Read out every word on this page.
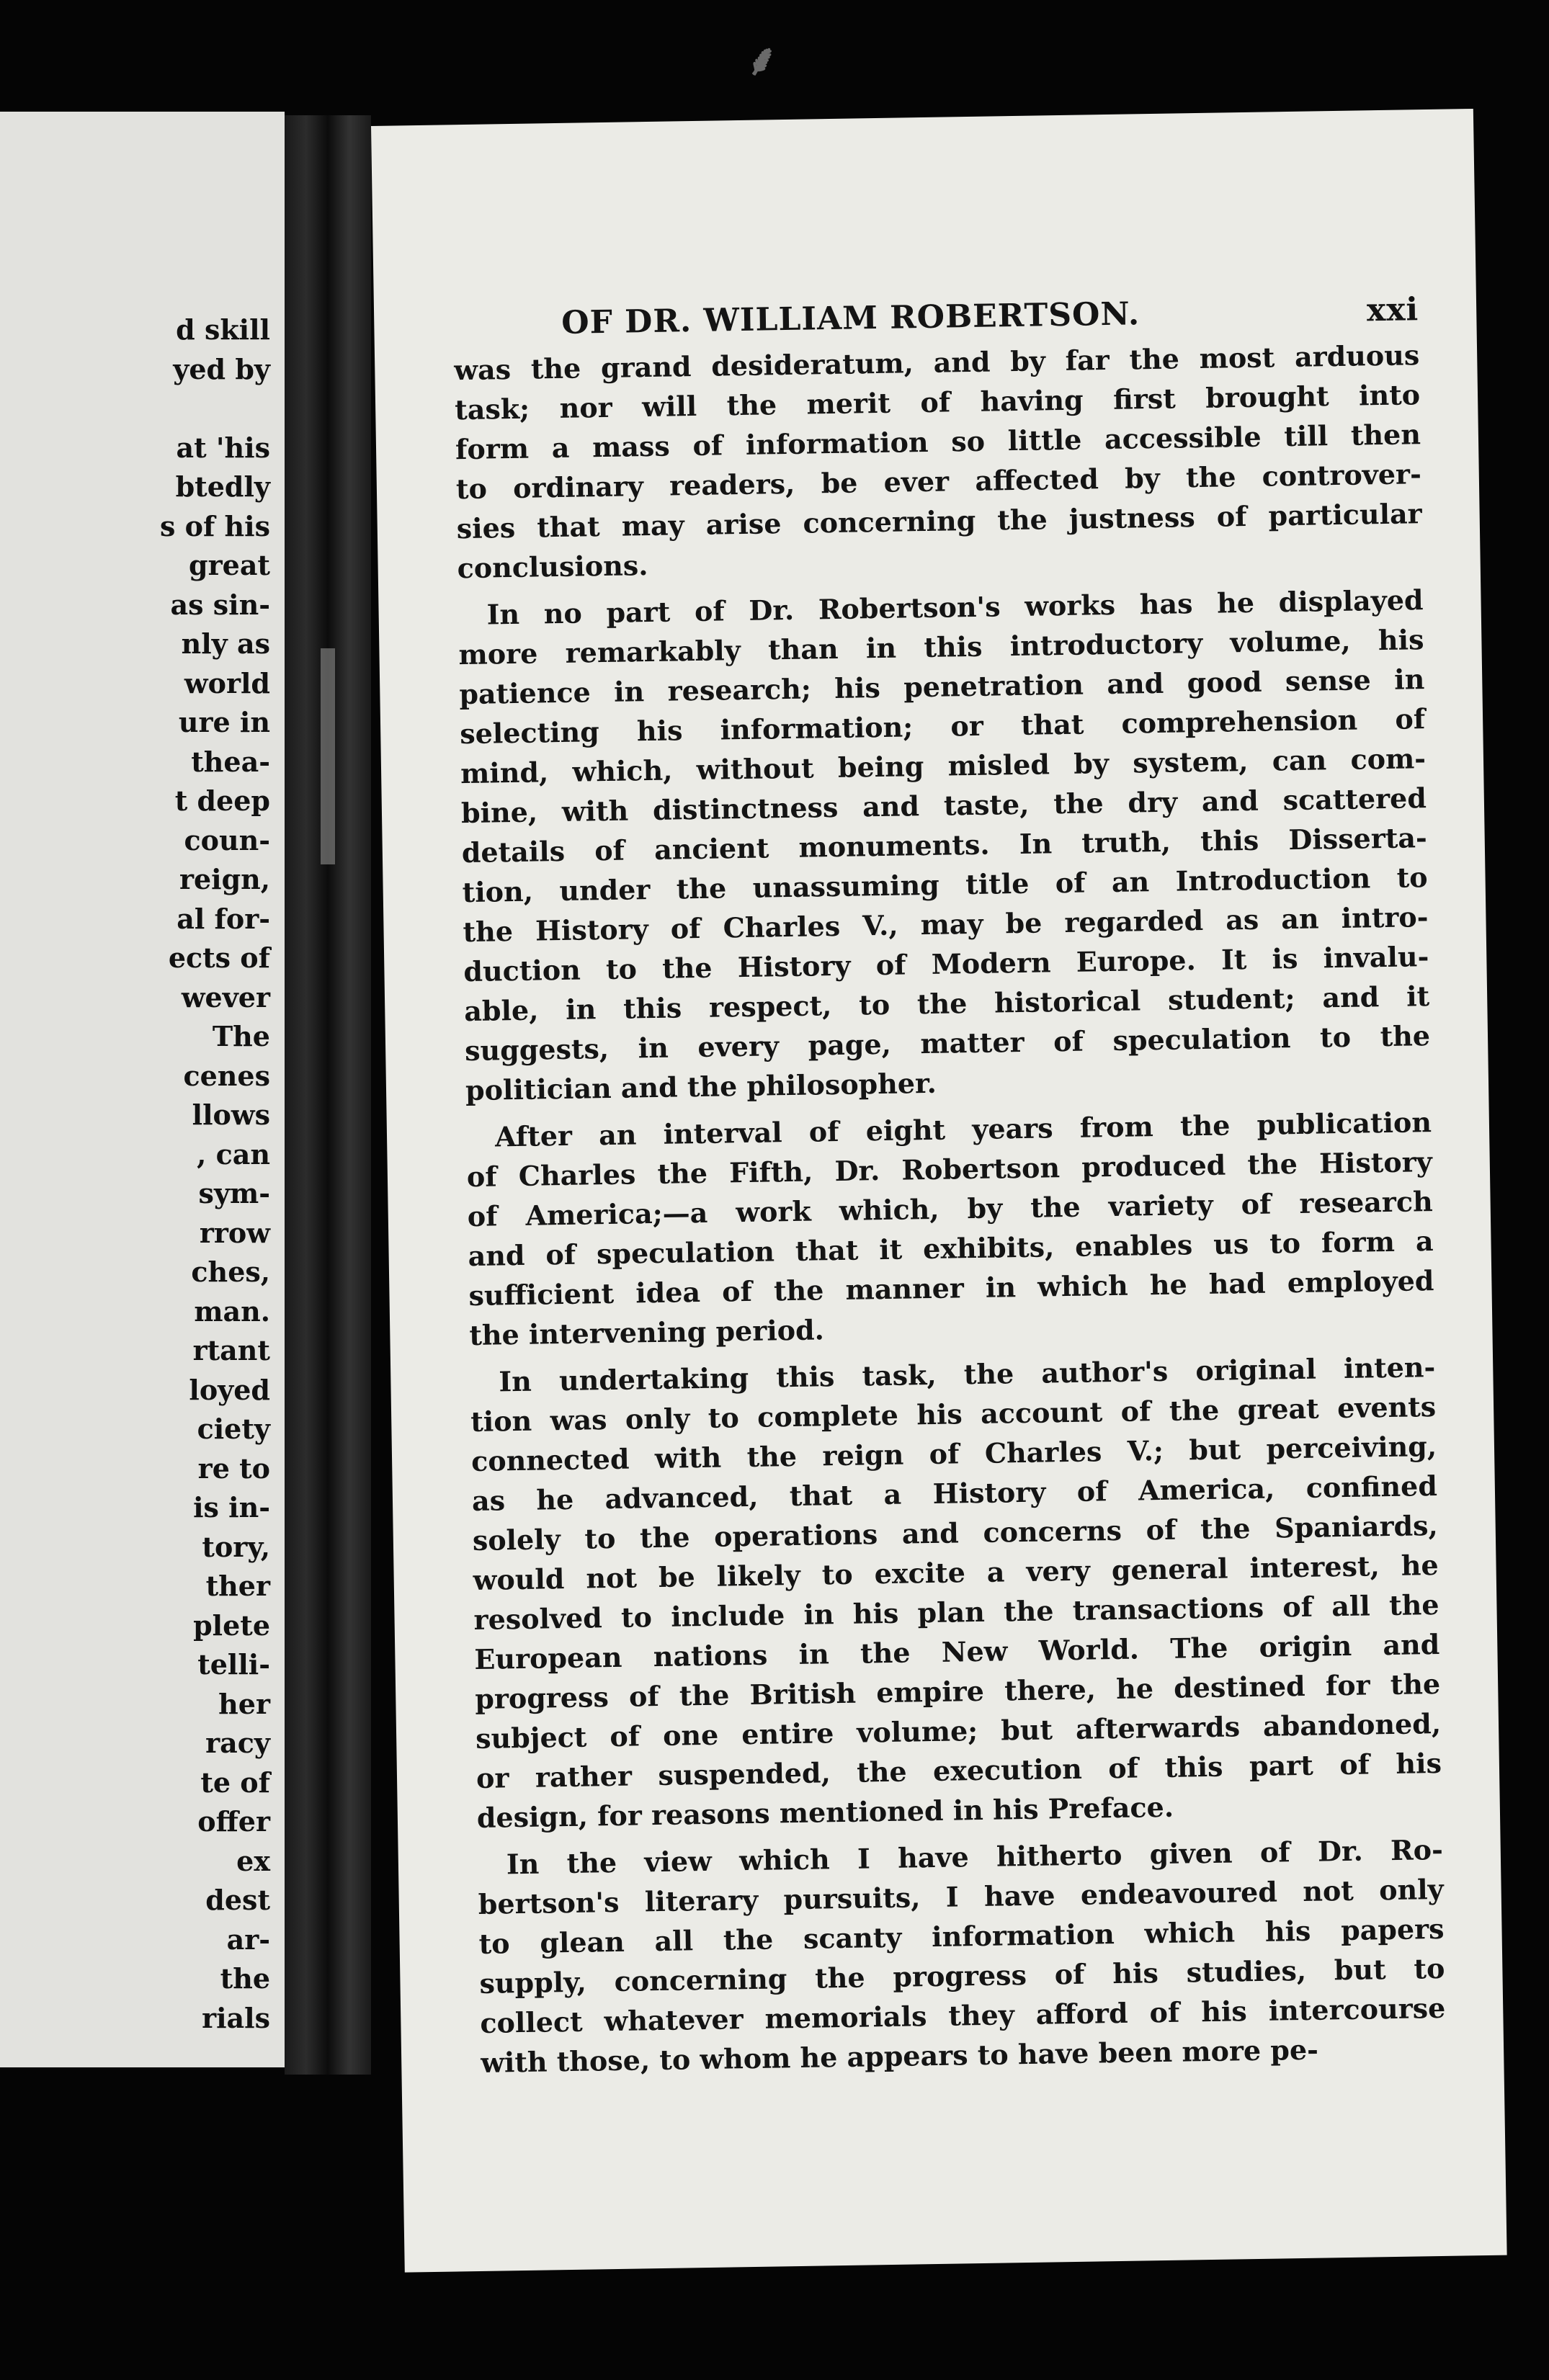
⸙
d skill
yed by

at 'his
btedly
s of his
great
as sin-
nly as
world
ure in
thea-
t deep
coun-
reign,
al for-
ects of
wever
The
cenes
llows
, can
sym-
rrow
ches,
man.
rtant
loyed
ciety
re to
is in-
tory,
ther
plete
telli-
her
racy
te of
offer
ex
dest
ar-
the
rials
OF DR. WILLIAM ROBERTSON.	xxi
was the grand desideratum, and by far the most arduous
task; nor will the merit of having first brought into
form a mass of information so little accessible till then
to ordinary readers, be ever affected by the controver-
sies that may arise concerning the justness of particular
conclusions.
In no part of Dr. Robertson's works has he displayed
more remarkably than in this introductory volume, his
patience in research; his penetration and good sense in
selecting his information; or that comprehension of
mind, which, without being misled by system, can com-
bine, with distinctness and taste, the dry and scattered
details of ancient monuments. In truth, this Disserta-
tion, under the unassuming title of an Introduction to
the History of Charles V., may be regarded as an intro-
duction to the History of Modern Europe. It is invalu-
able, in this respect, to the historical student; and it
suggests, in every page, matter of speculation to the
politician and the philosopher.
After an interval of eight years from the publication
of Charles the Fifth, Dr. Robertson produced the History
of America;—a work which, by the variety of research
and of speculation that it exhibits, enables us to form a
sufficient idea of the manner in which he had employed
the intervening period.
In undertaking this task, the author's original inten-
tion was only to complete his account of the great events
connected with the reign of Charles V.; but perceiving,
as he advanced, that a History of America, confined
solely to the operations and concerns of the Spaniards,
would not be likely to excite a very general interest, he
resolved to include in his plan the transactions of all the
European nations in the New World. The origin and
progress of the British empire there, he destined for the
subject of one entire volume; but afterwards abandoned,
or rather suspended, the execution of this part of his
design, for reasons mentioned in his Preface.
In the view which I have hitherto given of Dr. Ro-
bertson's literary pursuits, I have endeavoured not only
to glean all the scanty information which his papers
supply, concerning the progress of his studies, but to
collect whatever memorials they afford of his intercourse
with those, to whom he appears to have been more pe-
